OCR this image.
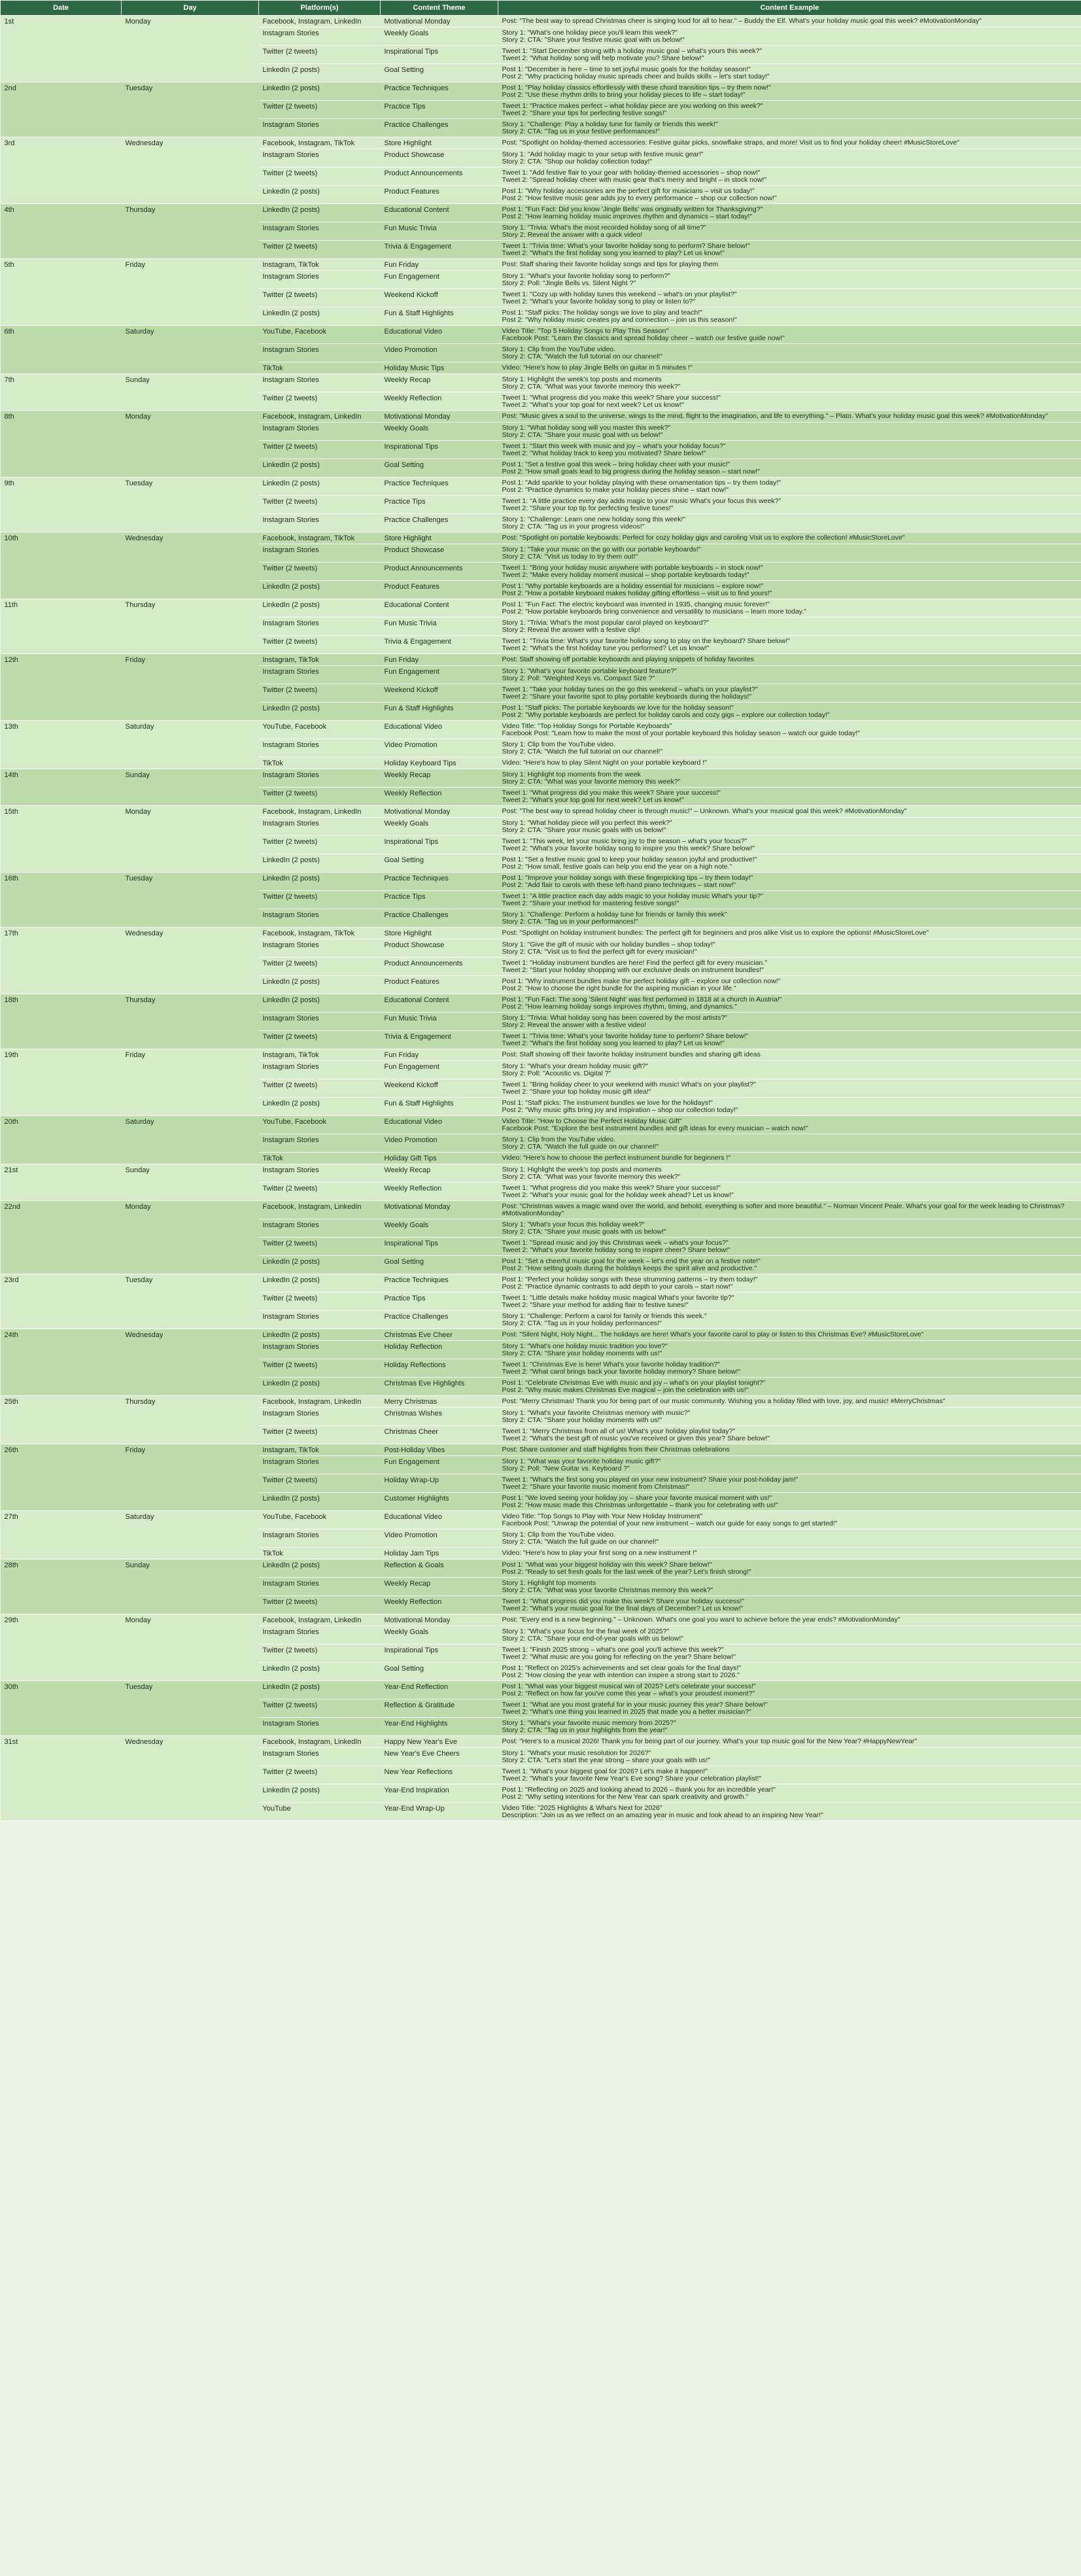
Date	Day	Platform(s)	Content Theme	Content Example
1st	Monday	Facebook, Instagram, LinkedIn	Motivational Monday	Post: "The best way to spread Christmas cheer is singing loud for all to hear." – Buddy the Elf. What's your holiday music goal this week? #MotivationMonday"
		Instagram Stories	Weekly Goals	Story 1: "What's one holiday piece you'll learn this week?"
Story 2: CTA: "Share your festive music goal with us below!"
		Twitter (2 tweets)	Inspirational Tips	Tweet 1: "Start December strong with a holiday music goal – what's yours this week?"
Tweet 2: "What holiday song will help motivate you? Share below!"
		LinkedIn (2 posts)	Goal Setting	Post 1: "December is here – time to set joyful music goals for the holiday season!"
Post 2: "Why practicing holiday music spreads cheer and builds skills – let's start today!"
2nd	Tuesday	LinkedIn (2 posts)	Practice Techniques	Post 1: "Play holiday classics effortlessly with these chord transition tips – try them now!"
Post 2: "Use these rhythm drills to bring your holiday pieces to life – start today!"
		Twitter (2 tweets)	Practice Tips	Tweet 1: "Practice makes perfect – what holiday piece are you working on this week?"
Tweet 2: "Share your tips for perfecting festive songs!"
		Instagram Stories	Practice Challenges	Story 1: "Challenge: Play a holiday tune for family or friends this week!"
Story 2: CTA: "Tag us in your festive performances!"
3rd	Wednesday	Facebook, Instagram, TikTok	Store Highlight	Post: "Spotlight on holiday-themed accessories: Festive guitar picks, snowflake straps, and more! Visit us to find your holiday cheer! #MusicStoreLove"
		Instagram Stories	Product Showcase	Story 1: "Add holiday magic to your setup with festive music gear!"
Story 2: CTA: "Shop our holiday collection today!"
		Twitter (2 tweets)	Product Announcements	Tweet 1: "Add festive flair to your gear with holiday-themed accessories – shop now!"
Tweet 2: "Spread holiday cheer with music gear that's merry and bright – in stock now!"
		LinkedIn (2 posts)	Product Features	Post 1: "Why holiday accessories are the perfect gift for musicians – visit us today!"
Post 2: "How festive music gear adds joy to every performance – shop our collection now!"
4th	Thursday	LinkedIn (2 posts)	Educational Content	Post 1: "Fun Fact: Did you know 'Jingle Bells' was originally written for Thanksgiving?"
Post 2: "How learning holiday music improves rhythm and dynamics – start today!"
		Instagram Stories	Fun Music Trivia	Story 1: "Trivia: What's the most recorded holiday song of all time?"
Story 2: Reveal the answer with a quick video!
		Twitter (2 tweets)	Trivia & Engagement	Tweet 1: "Trivia time: What's your favorite holiday song to perform? Share below!"
Tweet 2: "What's the first holiday song you learned to play? Let us know!"
5th	Friday	Instagram, TikTok	Fun Friday	Post: Staff sharing their favorite holiday songs and tips for playing them
		Instagram Stories	Fun Engagement	Story 1: "What's your favorite holiday song to perform?"
Story 2: Poll: "Jingle Bells vs. Silent Night ?"
		Twitter (2 tweets)	Weekend Kickoff	Tweet 1: "Cozy up with holiday tunes this weekend – what's on your playlist?"
Tweet 2: "What's your favorite holiday song to play or listen to?"
		LinkedIn (2 posts)	Fun & Staff Highlights	Post 1: "Staff picks: The holiday songs we love to play and teach!"
Post 2: "Why holiday music creates joy and connection – join us this season!"
6th	Saturday	YouTube, Facebook	Educational Video	Video Title: "Top 5 Holiday Songs to Play This Season"
Facebook Post: "Learn the classics and spread holiday cheer – watch our festive guide now!"
		Instagram Stories	Video Promotion	Story 1: Clip from the YouTube video.
Story 2: CTA: "Watch the full tutorial on our channel!"
		TikTok	Holiday Music Tips	Video: "Here's how to play Jingle Bells on guitar in 5 minutes !"
7th	Sunday	Instagram Stories	Weekly Recap	Story 1: Highlight the week's top posts and moments
Story 2: CTA: "What was your favorite memory this week?"
		Twitter (2 tweets)	Weekly Reflection	Tweet 1: "What progress did you make this week? Share your success!"
Tweet 2: "What's your top goal for next week? Let us know!"
8th	Monday	Facebook, Instagram, LinkedIn	Motivational Monday	Post: "Music gives a soul to the universe, wings to the mind, flight to the imagination, and life to everything." – Plato. What's your holiday music goal this week? #MotivationMonday"
		Instagram Stories	Weekly Goals	Story 1: "What holiday song will you master this week?"
Story 2: CTA: "Share your music goal with us below!"
		Twitter (2 tweets)	Inspirational Tips	Tweet 1: "Start this week with music and joy – what's your holiday focus?"
Tweet 2: "What holiday track to keep you motivated? Share below!"
		LinkedIn (2 posts)	Goal Setting	Post 1: "Set a festive goal this week – bring holiday cheer with your music!"
Post 2: "How small goals lead to big progress during the holiday season – start now!"
9th	Tuesday	LinkedIn (2 posts)	Practice Techniques	Post 1: "Add sparkle to your holiday playing with these ornamentation tips – try them today!"
Post 2: "Practice dynamics to make your holiday pieces shine – start now!"
		Twitter (2 tweets)	Practice Tips	Tweet 1: "A little practice every day adds magic to your music What's your focus this week?"
Tweet 2: "Share your top tip for perfecting festive tunes!"
		Instagram Stories	Practice Challenges	Story 1: "Challenge: Learn one new holiday song this week!"
Story 2: CTA: "Tag us in your progress videos!"
10th	Wednesday	Facebook, Instagram, TikTok	Store Highlight	Post: "Spotlight on portable keyboards: Perfect for cozy holiday gigs and caroling Visit us to explore the collection! #MusicStoreLove"
		Instagram Stories	Product Showcase	Story 1: "Take your music on the go with our portable keyboards!"
Story 2: CTA: "Visit us today to try them out!"
		Twitter (2 tweets)	Product Announcements	Tweet 1: "Bring your holiday music anywhere with portable keyboards – in stock now!"
Tweet 2: "Make every holiday moment musical – shop portable keyboards today!"
		LinkedIn (2 posts)	Product Features	Post 1: "Why portable keyboards are a holiday essential for musicians – explore now!"
Post 2: "How a portable keyboard makes holiday gifting effortless – visit us to find yours!"
11th	Thursday	LinkedIn (2 posts)	Educational Content	Post 1: "Fun Fact: The electric keyboard was invented in 1935, changing music forever!"
Post 2: "How portable keyboards bring convenience and versatility to musicians – learn more today."
		Instagram Stories	Fun Music Trivia	Story 1: "Trivia: What's the most popular carol played on keyboard?"
Story 2: Reveal the answer with a festive clip!
		Twitter (2 tweets)	Trivia & Engagement	Tweet 1: "Trivia time: What's your favorite holiday song to play on the keyboard? Share below!"
Tweet 2: "What's the first holiday tune you performed? Let us know!"
12th	Friday	Instagram, TikTok	Fun Friday	Post: Staff showing off portable keyboards and playing snippets of holiday favorites
		Instagram Stories	Fun Engagement	Story 1: "What's your favorite portable keyboard feature?"
Story 2: Poll: "Weighted Keys vs. Compact Size ?"
		Twitter (2 tweets)	Weekend Kickoff	Tweet 1: "Take your holiday tunes on the go this weekend – what's on your playlist?"
Tweet 2: "Share your favorite spot to play portable keyboards during the holidays!"
		LinkedIn (2 posts)	Fun & Staff Highlights	Post 1: "Staff picks: The portable keyboards we love for the holiday season!"
Post 2: "Why portable keyboards are perfect for holiday carols and cozy gigs – explore our collection today!"
13th	Saturday	YouTube, Facebook	Educational Video	Video Title: "Top Holiday Songs for Portable Keyboards"
Facebook Post: "Learn how to make the most of your portable keyboard this holiday season – watch our guide today!"
		Instagram Stories	Video Promotion	Story 1: Clip from the YouTube video.
Story 2: CTA: "Watch the full tutorial on our channel!"
		TikTok	Holiday Keyboard Tips	Video: "Here's how to play Silent Night on your portable keyboard !"
14th	Sunday	Instagram Stories	Weekly Recap	Story 1: Highlight top moments from the week
Story 2: CTA: "What was your favorite memory this week?"
		Twitter (2 tweets)	Weekly Reflection	Tweet 1: "What progress did you make this week? Share your success!"
Tweet 2: "What's your top goal for next week? Let us know!"
15th	Monday	Facebook, Instagram, LinkedIn	Motivational Monday	Post: "The best way to spread holiday cheer is through music!" – Unknown. What's your musical goal this week? #MotivationMonday"
		Instagram Stories	Weekly Goals	Story 1: "What holiday piece will you perfect this week?"
Story 2: CTA: "Share your music goals with us below!"
		Twitter (2 tweets)	Inspirational Tips	Tweet 1: "This week, let your music bring joy to the season – what's your focus?"
Tweet 2: "What's your favorite holiday song to inspire you this week? Share below!"
		LinkedIn (2 posts)	Goal Setting	Post 1: "Set a festive music goal to keep your holiday season joyful and productive!"
Post 2: "How small, festive goals can help you end the year on a high note."
16th	Tuesday	LinkedIn (2 posts)	Practice Techniques	Post 1: "Improve your holiday songs with these fingerpicking tips – try them today!"
Post 2: "Add flair to carols with these left-hand piano techniques – start now!"
		Twitter (2 tweets)	Practice Tips	Tweet 1: "A little practice each day adds magic to your holiday music What's your tip?"
Tweet 2: "Share your method for mastering festive songs!"
		Instagram Stories	Practice Challenges	Story 1: "Challenge: Perform a holiday tune for friends or family this week"
Story 2: CTA: "Tag us in your performances!"
17th	Wednesday	Facebook, Instagram, TikTok	Store Highlight	Post: "Spotlight on holiday instrument bundles: The perfect gift for beginners and pros alike Visit us to explore the options! #MusicStoreLove"
		Instagram Stories	Product Showcase	Story 1: "Give the gift of music with our holiday bundles – shop today!"
Story 2: CTA: "Visit us to find the perfect gift for every musician!"
		Twitter (2 tweets)	Product Announcements	Tweet 1: "Holiday instrument bundles are here! Find the perfect gift for every musician."
Tweet 2: "Start your holiday shopping with our exclusive deals on instrument bundles!"
		LinkedIn (2 posts)	Product Features	Post 1: "Why instrument bundles make the perfect holiday gift – explore our collection now!"
Post 2: "How to choose the right bundle for the aspiring musician in your life."
18th	Thursday	LinkedIn (2 posts)	Educational Content	Post 1: "Fun Fact: The song 'Silent Night' was first performed in 1818 at a church in Austria!"
Post 2: "How learning holiday songs improves rhythm, timing, and dynamics."
		Instagram Stories	Fun Music Trivia	Story 1: "Trivia: What holiday song has been covered by the most artists?"
Story 2: Reveal the answer with a festive video!
		Twitter (2 tweets)	Trivia & Engagement	Tweet 1: "Trivia time: What's your favorite holiday tune to perform? Share below!"
Tweet 2: "What's the first holiday song you learned to play? Let us know!"
19th	Friday	Instagram, TikTok	Fun Friday	Post: Staff showing off their favorite holiday instrument bundles and sharing gift ideas
		Instagram Stories	Fun Engagement	Story 1: "What's your dream holiday music gift?"
Story 2: Poll: "Acoustic vs. Digital ?"
		Twitter (2 tweets)	Weekend Kickoff	Tweet 1: "Bring holiday cheer to your weekend with music! What's on your playlist?"
Tweet 2: "Share your top holiday music gift idea!"
		LinkedIn (2 posts)	Fun & Staff Highlights	Post 1: "Staff picks: The instrument bundles we love for the holidays!"
Post 2: "Why music gifts bring joy and inspiration – shop our collection today!"
20th	Saturday	YouTube, Facebook	Educational Video	Video Title: "How to Choose the Perfect Holiday Music Gift"
Facebook Post: "Explore the best instrument bundles and gift ideas for every musician – watch now!"
		Instagram Stories	Video Promotion	Story 1: Clip from the YouTube video.
Story 2: CTA: "Watch the full guide on our channel!"
		TikTok	Holiday Gift Tips	Video: "Here's how to choose the perfect instrument bundle for beginners !"
21st	Sunday	Instagram Stories	Weekly Recap	Story 1: Highlight the week's top posts and moments
Story 2: CTA: "What was your favorite memory this week?"
		Twitter (2 tweets)	Weekly Reflection	Tweet 1: "What progress did you make this week? Share your success!"
Tweet 2: "What's your music goal for the holiday week ahead? Let us know!"
22nd	Monday	Facebook, Instagram, LinkedIn	Motivational Monday	Post: "Christmas waves a magic wand over the world, and behold, everything is softer and more beautiful." – Norman Vincent Peale. What's your goal for the week leading to Christmas? #MotivationMonday"
		Instagram Stories	Weekly Goals	Story 1: "What's your focus this holiday week?"
Story 2: CTA: "Share your music goals with us below!"
		Twitter (2 tweets)	Inspirational Tips	Tweet 1: "Spread music and joy this Christmas week – what's your focus?"
Tweet 2: "What's your favorite holiday song to inspire cheer? Share below!"
		LinkedIn (2 posts)	Goal Setting	Post 1: "Set a cheerful music goal for the week – let's end the year on a festive note!"
Post 2: "How setting goals during the holidays keeps the spirit alive and productive."
23rd	Tuesday	LinkedIn (2 posts)	Practice Techniques	Post 1: "Perfect your holiday songs with these strumming patterns – try them today!"
Post 2: "Practice dynamic contrasts to add depth to your carols – start now!"
		Twitter (2 tweets)	Practice Tips	Tweet 1: "Little details make holiday music magical What's your favorite tip?"
Tweet 2: "Share your method for adding flair to festive tunes!"
		Instagram Stories	Practice Challenges	Story 1: "Challenge: Perform a carol for family or friends this week."
Story 2: CTA: "Tag us in your holiday performances!"
24th	Wednesday	LinkedIn (2 posts)	Christmas Eve Cheer	Post: "Silent Night, Holy Night... The holidays are here! What's your favorite carol to play or listen to this Christmas Eve? #MusicStoreLove"
		Instagram Stories	Holiday Reflection	Story 1: "What's one holiday music tradition you love?"
Story 2: CTA: "Share your holiday moments with us!"
		Twitter (2 tweets)	Holiday Reflections	Tweet 1: "Christmas Eve is here! What's your favorite holiday tradition?"
Tweet 2: "What carol brings back your favorite holiday memory? Share below!"
		LinkedIn (2 posts)	Christmas Eve Highlights	Post 1: "Celebrate Christmas Eve with music and joy – what's on your playlist tonight?"
Post 2: "Why music makes Christmas Eve magical – join the celebration with us!"
25th	Thursday	Facebook, Instagram, LinkedIn	Merry Christmas	Post: "Merry Christmas! Thank you for being part of our music community. Wishing you a holiday filled with love, joy, and music! #MerryChristmas"
		Instagram Stories	Christmas Wishes	Story 1: "What's your favorite Christmas memory with music?"
Story 2: CTA: "Share your holiday moments with us!"
		Twitter (2 tweets)	Christmas Cheer	Tweet 1: "Merry Christmas from all of us! What's your holiday playlist today?"
Tweet 2: "What's the best gift of music you've received or given this year? Share below!"
26th	Friday	Instagram, TikTok	Post-Holiday Vibes	Post: Share customer and staff highlights from their Christmas celebrations
		Instagram Stories	Fun Engagement	Story 1: "What was your favorite holiday music gift?"
Story 2: Poll: "New Guitar vs. Keyboard ?"
		Twitter (2 tweets)	Holiday Wrap-Up	Tweet 1: "What's the first song you played on your new instrument? Share your post-holiday jam!"
Tweet 2: "Share your favorite music moment from Christmas!"
		LinkedIn (2 posts)	Customer Highlights	Post 1: "We loved seeing your holiday joy – share your favorite musical moment with us!"
Post 2: "How music made this Christmas unforgettable – thank you for celebrating with us!"
27th	Saturday	YouTube, Facebook	Educational Video	Video Title: "Top Songs to Play with Your New Holiday Instrument"
Facebook Post: "Unwrap the potential of your new instrument – watch our guide for easy songs to get started!"
		Instagram Stories	Video Promotion	Story 1: Clip from the YouTube video.
Story 2: CTA: "Watch the full guide on our channel!"
		TikTok	Holiday Jam Tips	Video: "Here's how to play your first song on a new instrument !"
28th	Sunday	LinkedIn (2 posts)	Reflection & Goals	Post 1: "What was your biggest holiday win this week? Share below!"
Post 2: "Ready to set fresh goals for the last week of the year? Let's finish strong!"
		Instagram Stories	Weekly Recap	Story 1: Highlight top moments
Story 2: CTA: "What was your favorite Christmas memory this week?"
		Twitter (2 tweets)	Weekly Reflection	Tweet 1: "What progress did you make this week? Share your holiday success!"
Tweet 2: "What's your music goal for the final days of December? Let us know!"
29th	Monday	Facebook, Instagram, LinkedIn	Motivational Monday	Post: "Every end is a new beginning." – Unknown. What's one goal you want to achieve before the year ends? #MotivationMonday"
		Instagram Stories	Weekly Goals	Story 1: "What's your focus for the final week of 2025?"
Story 2: CTA: "Share your end-of-year goals with us below!"
		Twitter (2 tweets)	Inspirational Tips	Tweet 1: "Finish 2025 strong – what's one goal you'll achieve this week?"
Tweet 2: "What music are you going for reflecting on the year? Share below!"
		LinkedIn (2 posts)	Goal Setting	Post 1: "Reflect on 2025's achievements and set clear goals for the final days!"
Post 2: "How closing the year with intention can inspire a strong start to 2026."
30th	Tuesday	LinkedIn (2 posts)	Year-End Reflection	Post 1: "What was your biggest musical win of 2025? Let's celebrate your success!"
Post 2: "Reflect on how far you've come this year – what's your proudest moment?"
		Twitter (2 tweets)	Reflection & Gratitude	Tweet 1: "What are you most grateful for in your music journey this year? Share below!"
Tweet 2: "What's one thing you learned in 2025 that made you a better musician?"
		Instagram Stories	Year-End Highlights	Story 1: "What's your favorite music memory from 2025?"
Story 2: CTA: "Tag us in your highlights from the year!"
31st	Wednesday	Facebook, Instagram, LinkedIn	Happy New Year's Eve	Post: "Here's to a musical 2026! Thank you for being part of our journey. What's your top music goal for the New Year? #HappyNewYear"
		Instagram Stories	New Year's Eve Cheers	Story 1: "What's your music resolution for 2026?"
Story 2: CTA: "Let's start the year strong – share your goals with us!"
		Twitter (2 tweets)	New Year Reflections	Tweet 1: "What's your biggest goal for 2026? Let's make it happen!"
Tweet 2: "What's your favorite New Year's Eve song? Share your celebration playlist!"
		LinkedIn (2 posts)	Year-End Inspiration	Post 1: "Reflecting on 2025 and looking ahead to 2026 – thank you for an incredible year!"
Post 2: "Why setting intentions for the New Year can spark creativity and growth."
		YouTube	Year-End Wrap-Up	Video Title: "2025 Highlights & What's Next for 2026"
Description: "Join us as we reflect on an amazing year in music and look ahead to an inspiring New Year!"
